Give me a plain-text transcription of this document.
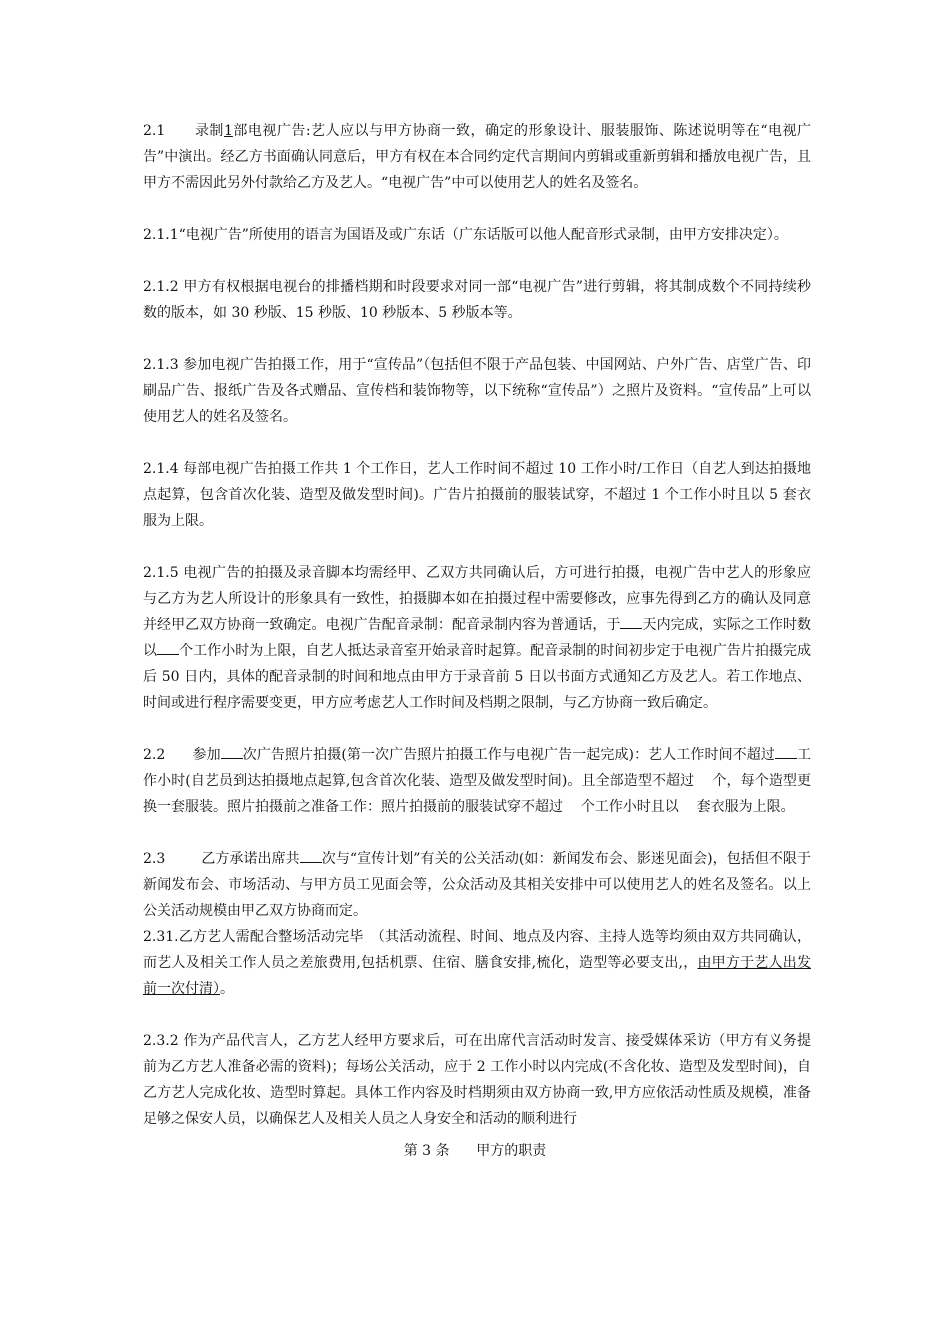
2.1 录制1部电视广告:艺人应以与甲方协商一致，确定的形象设计、服装服饰、陈述说明等在“电视广告”中演出。经乙方书面确认同意后，甲方有权在本合同约定代言期间内剪辑或重新剪辑和播放电视广告，且甲方不需因此另外付款给乙方及艺人。“电视广告”中可以使用艺人的姓名及签名。

2.1.1“电视广告”所使用的语言为国语及或广东话（广东话版可以他人配音形式录制，由甲方安排决定）。

2.1.2 甲方有权根据电视台的排播档期和时段要求对同一部“电视广告”进行剪辑，将其制成数个不同持续秒数的版本，如 30 秒版、15 秒版、10 秒版本、5 秒版本等。

2.1.3 参加电视广告拍摄工作，用于“宣传品”（包括但不限于产品包装、中国网站、户外广告、店堂广告、印刷品广告、报纸广告及各式赠品、宣传档和装饰物等，以下统称“宣传品”）之照片及资料。“宣传品”上可以使用艺人的姓名及签名。

2.1.4 每部电视广告拍摄工作共 1 个工作日，艺人工作时间不超过 10 工作小时/工作日（自艺人到达拍摄地点起算，包含首次化装、造型及做发型时间)。广告片拍摄前的服装试穿，不超过 1 个工作小时且以 5 套衣服为上限。

2.1.5 电视广告的拍摄及录音脚本均需经甲、乙双方共同确认后，方可进行拍摄，电视广告中艺人的形象应与乙方为艺人所设计的形象具有一致性，拍摄脚本如在拍摄过程中需要修改，应事先得到乙方的确认及同意并经甲乙双方协商一致确定。电视广告配音录制：配音录制内容为普通话，于 天内完成，实际之工作时数以 个工作小时为上限，自艺人抵达录音室开始录音时起算。配音录制的时间初步定于电视广告片拍摄完成后 50 日内，具体的配音录制的时间和地点由甲方于录音前 5 日以书面方式通知乙方及艺人。若工作地点、时间或进行程序需要变更，甲方应考虑艺人工作时间及档期之限制，与乙方协商一致后确定。

2.2 参加 次广告照片拍摄(第一次广告照片拍摄工作与电视广告一起完成)：艺人工作时间不超过 工作小时(自艺员到达拍摄地点起算,包含首次化装、造型及做发型时间)。且全部造型不超过 个，每个造型更换一套服装。照片拍摄前之准备工作：照片拍摄前的服装试穿不超过 个工作小时且以 套衣服为上限。

2.3	乙方承诺出席共 次与“宣传计划”有关的公关活动(如：新闻发布会、影迷见面会)，包括但不限于新闻发布会、市场活动、与甲方员工见面会等，公众活动及其相关安排中可以使用艺人的姓名及签名。以上公关活动规模由甲乙双方协商而定。

2.31.乙方艺人需配合整场活动完毕　（其活动流程、时间、地点及内容、主持人选等均须由双方共同确认，而艺人及相关工作人员之差旅费用,包括机票、住宿、膳食安排,梳化，造型等必要支出,，由甲方于艺人出发前一次付清）。

2.3.2 作为产品代言人，乙方艺人经甲方要求后，可在出席代言活动时发言、接受媒体采访（甲方有义务提前为乙方艺人准备必需的资料)；每场公关活动，应于 2 工作小时以内完成(不含化妆、造型及发型时间)，自乙方艺人完成化妆、造型时算起。具体工作内容及时档期须由双方协商一致,甲方应依活动性质及规模，准备足够之保安人员，以确保艺人及相关人员之人身安全和活动的顺利进行

第 3 条 甲方的职责
